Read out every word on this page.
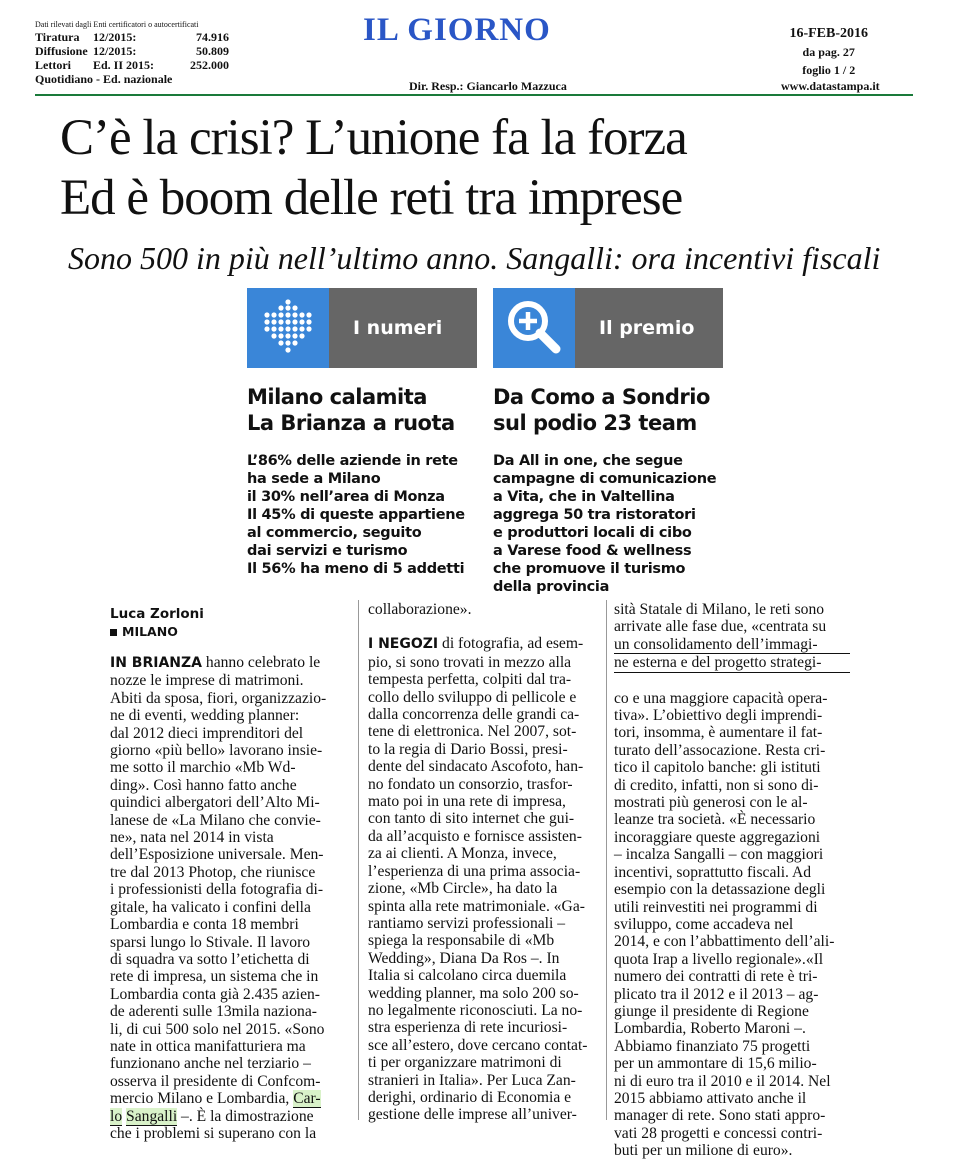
Dati rilevati dagli Enti certificatori o autocertificati
Tiratura	12/2015:	74.916
Diffusione 12/2015:	50.809
Lettori	Ed. II 2015:	252.000
Quotidiano - Ed. nazionale
IL GIORNO
Dir. Resp.: Giancarlo Mazzuca
16-FEB-2016
da pag. 27
foglio 1 / 2
www.datastampa.it
C’è la crisi? L’unione fa la forza
Ed è boom delle reti tra imprese
Sono 500 in più nell’ultimo anno. Sangalli: ora incentivi fiscali
I numeri
Milano calamita
La Brianza a ruota

L’86% delle aziende in rete
ha sede a Milano
il 30% nell’area di Monza
Il 45% di queste appartiene
al commercio, seguito
dai servizi e turismo
Il 56% ha meno di 5 addetti

Il premio
Da Como a Sondrio
sul podio 23 team

Da All in one, che segue
campagne di comunicazione
a Vita, che in Valtellina
aggrega 50 tra ristoratori
e produttori locali di cibo
a Varese food & wellness
che promuove il turismo
della provincia

Luca Zorloni
MILANO
IN BRIANZA hanno celebrato le
nozze le imprese di matrimoni.
Abiti da sposa, fiori, organizzazio-
ne di eventi, wedding planner:
dal 2012 dieci imprenditori del
giorno «più bello» lavorano insie-
me sotto il marchio «Mb Wd-
ding». Così hanno fatto anche
quindici albergatori dell’Alto Mi-
lanese de «La Milano che convie-
ne», nata nel 2014 in vista
dell’Esposizione universale. Men-
tre dal 2013 Photop, che riunisce
i professionisti della fotografia di-
gitale, ha valicato i confini della
Lombardia e conta 18 membri
sparsi lungo lo Stivale. Il lavoro
di squadra va sotto l’etichetta di
rete di impresa, un sistema che in
Lombardia conta già 2.435 azien-
de aderenti sulle 13mila naziona-
li, di cui 500 solo nel 2015. «Sono
nate in ottica manifatturiera ma
funzionano anche nel terziario –
osserva il presidente di Confcom-
mercio Milano e Lombardia, Car-
lo Sangalli –. È la dimostrazione
che i problemi si superano con la
collaborazione».
I NEGOZI di fotografia, ad esem-
pio, si sono trovati in mezzo alla
tempesta perfetta, colpiti dal tra-
collo dello sviluppo di pellicole e
dalla concorrenza delle grandi ca-
tene di elettronica. Nel 2007, sot-
to la regia di Dario Bossi, presi-
dente del sindacato Ascofoto, han-
no fondato un consorzio, trasfor-
mato poi in una rete di impresa,
con tanto di sito internet che gui-
da all’acquisto e fornisce assisten-
za ai clienti. A Monza, invece,
l’esperienza di una prima associa-
zione, «Mb Circle», ha dato la
spinta alla rete matrimoniale. «Ga-
rantiamo servizi professionali –
spiega la responsabile di «Mb
Wedding», Diana Da Ros –. In
Italia si calcolano circa duemila
wedding planner, ma solo 200 so-
no legalmente riconosciuti. La no-
stra esperienza di rete incuriosi-
sce all’estero, dove cercano contat-
ti per organizzare matrimoni di
stranieri in Italia». Per Luca Zan-
derighi, ordinario di Economia e
gestione delle imprese all’univer-
sità Statale di Milano, le reti sono
arrivate alle fase due, «centrata su
un consolidamento dell’immagi-
ne esterna e del progetto strategi-
co e una maggiore capacità opera-
tiva». L’obiettivo degli imprendi-
tori, insomma, è aumentare il fat-
turato dell’assocazione. Resta cri-
tico il capitolo banche: gli istituti
di credito, infatti, non si sono di-
mostrati più generosi con le al-
leanze tra società. «È necessario
incoraggiare queste aggregazioni
– incalza Sangalli – con maggiori
incentivi, soprattutto fiscali. Ad
esempio con la detassazione degli
utili reinvestiti nei programmi di
sviluppo, come accadeva nel
2014, e con l’abbattimento dell’ali-
quota Irap a livello regionale».«Il
numero dei contratti di rete è tri-
plicato tra il 2012 e il 2013 – ag-
giunge il presidente di Regione
Lombardia, Roberto Maroni –.
Abbiamo finanziato 75 progetti
per un ammontare di 15,6 milio-
ni di euro tra il 2010 e il 2014. Nel
2015 abbiamo attivato anche il
manager di rete. Sono stati appro-
vati 28 progetti e concessi contri-
buti per un milione di euro».
